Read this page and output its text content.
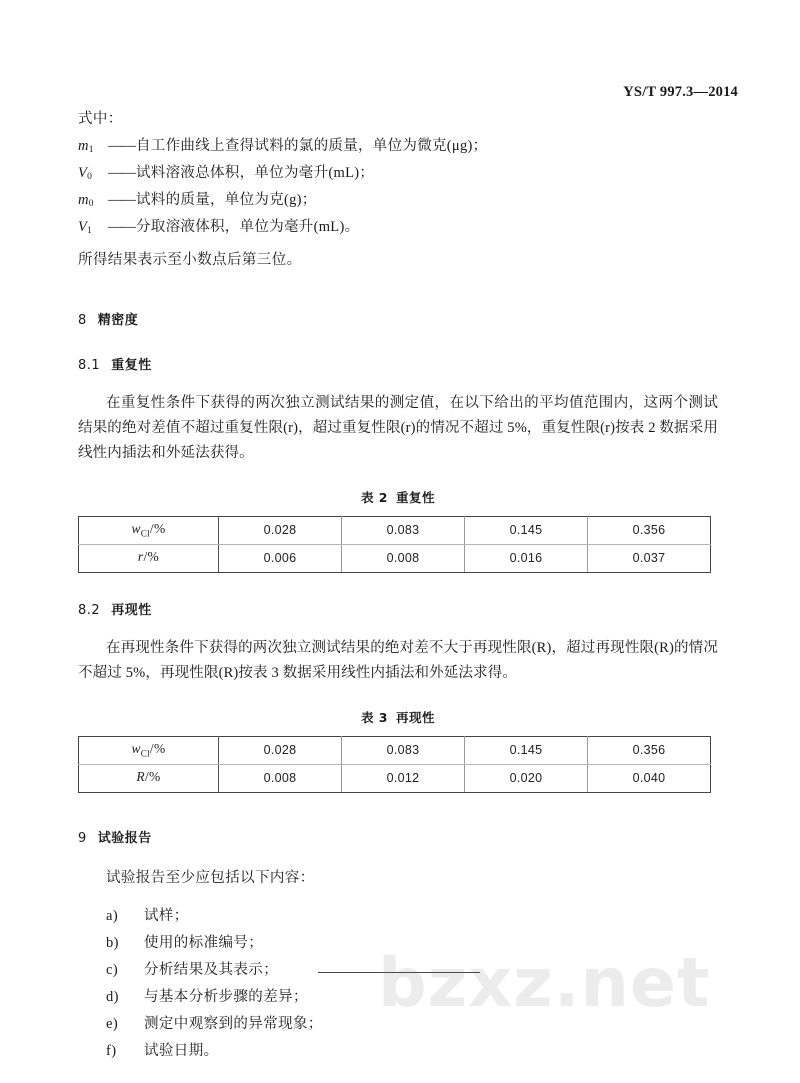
bzxz.net
YS/T 997.3—2014
式中：
$m_1$ —— 自工作曲线上查得试料的氯的质量，单位为微克(μg)；
$V_0$	—— 试料溶液总体积，单位为毫升(mL)；
$m_0$ —— 试料的质量，单位为克(g)；
$V_1$	—— 分取溶液体积，单位为毫升(mL)。
所得结果表示至小数点后第三位。
8 精密度
8.1 重复性

在重复性条件下获得的两次独立测试结果的测定值，在以下给出的平均值范围内，这两个测试结果的绝对差值不超过重复性限(r)，超过重复性限(r)的情况不超过 5%，重复性限(r)按表 2 数据采用线性内插法和外延法获得。

表 2 重复性
$w_{Cl}/\%$	0.028	0.083	0.145	0.356
r/%	0.006	0.008	0.016	0.037
8.2 再现性

在再现性条件下获得的两次独立测试结果的绝对差不大于再现性限(R)，超过再现性限(R)的情况不超过 5%，再现性限(R)按表 3 数据采用线性内插法和外延法求得。

表 3 再现性
$w_{Cl}/\%$	0.028	0.083	0.145	0.356
R/%	0.008	0.012	0.020	0.040
9 试验报告
试验报告至少应包括以下内容：
a)	试样；
b)	使用的标准编号；
c)	分析结果及其表示；
d)	与基本分析步骤的差异；
e)	测定中观察到的异常现象；
f)	试验日期。
